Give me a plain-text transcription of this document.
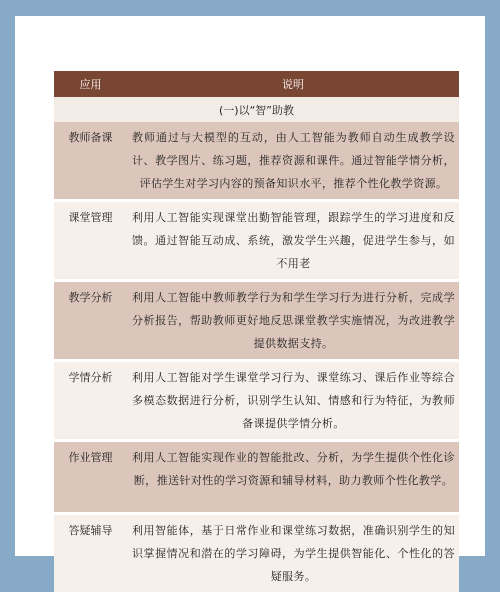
应用	说明
(一)以“智”助教	
教师备课	教师通过与大模型的互动，由人工智能为教师自动生成教学设计、教学图片、练习题，推荐资源和课件。通过智能学情分析，评估学生对学习内容的预备知识水平，推荐个性化教学资源。
课堂管理	利用人工智能实现课堂出勤智能管理，跟踪学生的学习进度和反馈。通过智能互动成、系统，激发学生兴趣，促进学生参与，如不用老
教学分析	利用人工智能中教师教学行为和学生学习行为进行分析，完成学分析报告，帮助教师更好地反思课堂教学实施情况，为改进教学提供数据支持。
学情分析	利用人工智能对学生课堂学习行为、课堂练习、课后作业等综合多模态数据进行分析，识别学生认知、情感和行为特征，为教师备课提供学情分析。
作业管理	利用人工智能实现作业的智能批改、分析，为学生提供个性化诊断，推送针对性的学习资源和辅导材料，助力教师个性化教学。
答疑辅导	利用智能体，基于日常作业和课堂练习数据，准确识别学生的知识掌握情况和潜在的学习障碍，为学生提供智能化、个性化的答疑服务。
